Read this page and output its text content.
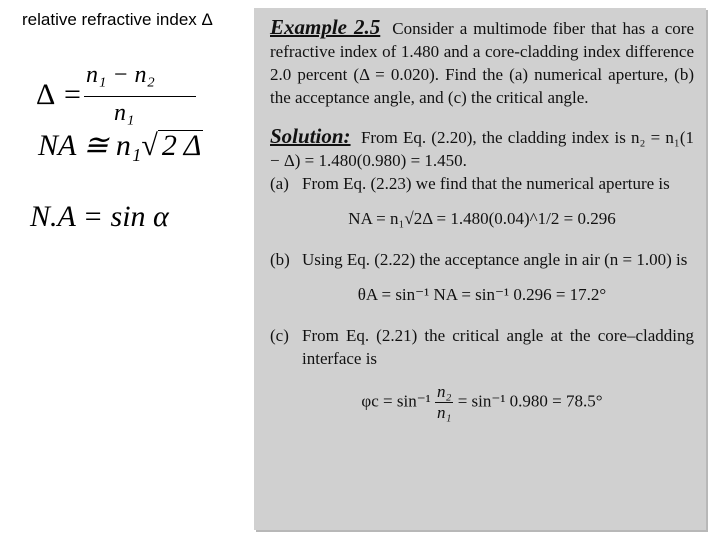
relative refractive index Δ
Δ =
n₁ − n₂
n₁
NA ≅ n₁√ 2 Δ
N.A = sin α

Example 2.5 Consider a multimode fiber that has a core refractive index of 1.480 and a core-cladding index difference 2.0 percent (Δ = 0.020). Find the (a) numerical aperture, (b) the acceptance angle, and (c) the critical angle.

Solution: From Eq. (2.20), the cladding index is n₂ = n₁(1 − Δ) = 1.480(0.980) = 1.450.

(a) From Eq. (2.23) we find that the numerical aperture is
NA = n₁√2Δ = 1.480(0.04)^1/2 = 0.296
(b) Using Eq. (2.22) the acceptance angle in air (n = 1.00) is
θA = sin⁻¹ NA = sin⁻¹ 0.296 = 17.2°
(c) From Eq. (2.21) the critical angle at the core–cladding interface is
$\varphi c = \sin^{-1} \frac{\text{n₂}}{\text{n₁}} = \sin^{-1}$ 0.980 = 78.5°
